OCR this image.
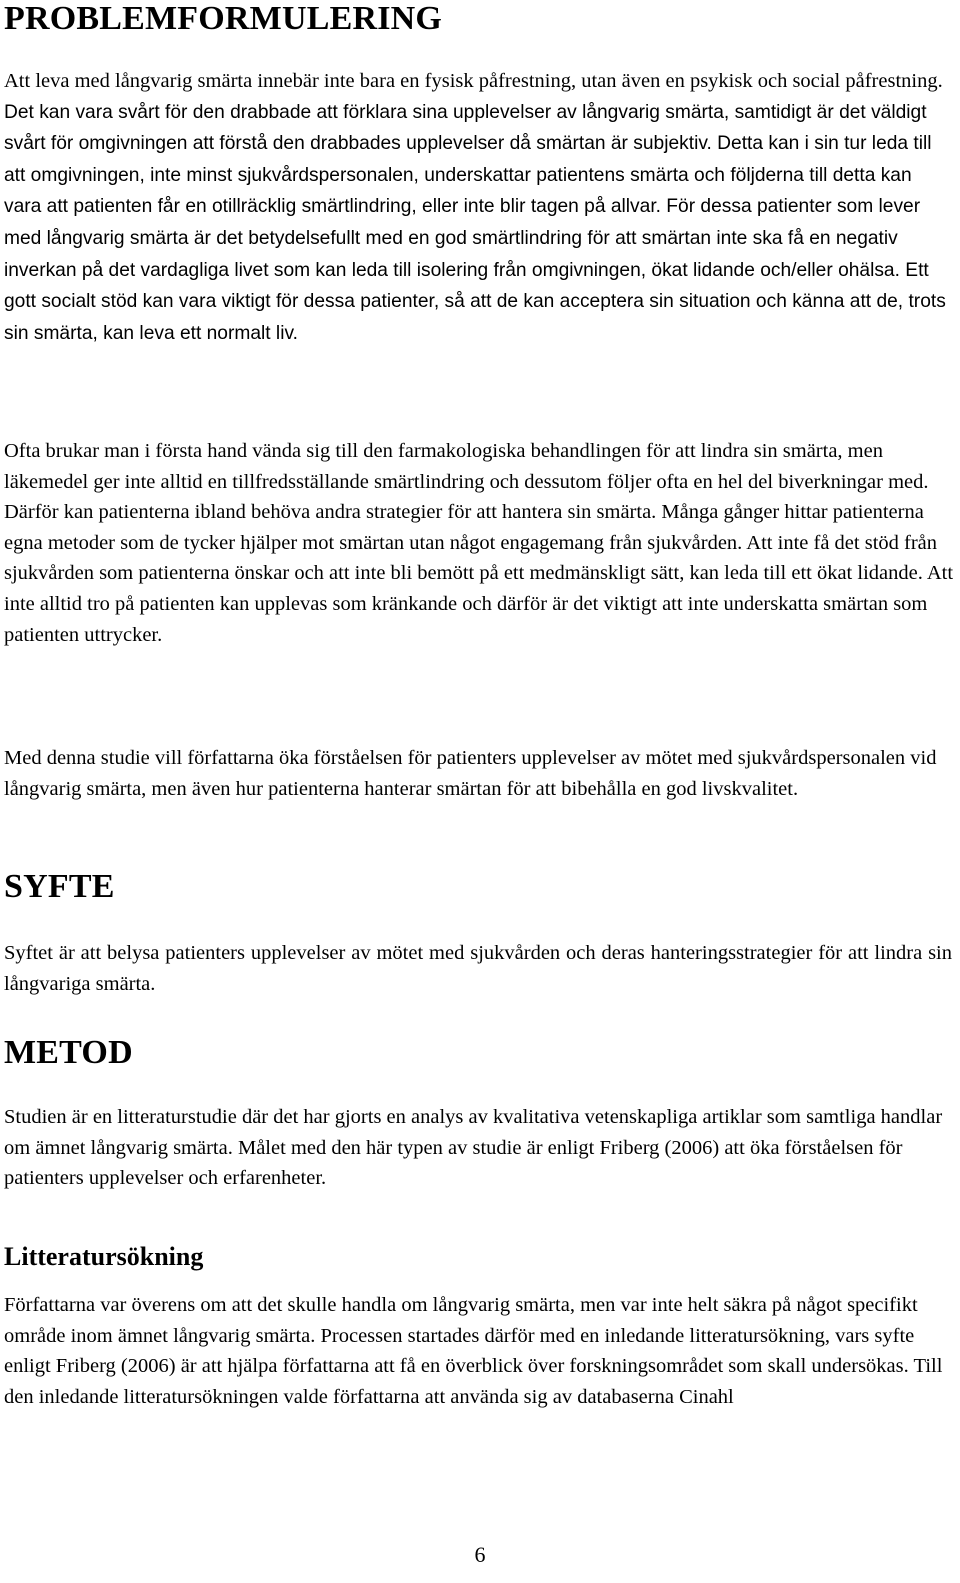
PROBLEMFORMULERING

Att leva med långvarig smärta innebär inte bara en fysisk påfrestning, utan även en psykisk och social påfrestning. Det kan vara svårt för den drabbade att förklara sina upplevelser av långvarig smärta, samtidigt är det väldigt svårt för omgivningen att förstå den drabbades upplevelser då smärtan är subjektiv. Detta kan i sin tur leda till att omgivningen, inte minst sjukvårdspersonalen, underskattar patientens smärta och följderna till detta kan vara att patienten får en otillräcklig smärtlindring, eller inte blir tagen på allvar. För dessa patienter som lever med långvarig smärta är det betydelsefullt med en god smärtlindring för att smärtan inte ska få en negativ inverkan på det vardagliga livet som kan leda till isolering från omgivningen, ökat lidande och/eller ohälsa. Ett gott socialt stöd kan vara viktigt för dessa patienter, så att de kan acceptera sin situation och känna att de, trots sin smärta, kan leva ett normalt liv.

Ofta brukar man i första hand vända sig till den farmakologiska behandlingen för att lindra sin smärta, men läkemedel ger inte alltid en tillfredsställande smärtlindring och dessutom följer ofta en hel del biverkningar med. Därför kan patienterna ibland behöva andra strategier för att hantera sin smärta. Många gånger hittar patienterna egna metoder som de tycker hjälper mot smärtan utan något engagemang från sjukvården. Att inte få det stöd från sjukvården som patienterna önskar och att inte bli bemött på ett medmänskligt sätt, kan leda till ett ökat lidande. Att inte alltid tro på patienten kan upplevas som kränkande och därför är det viktigt att inte underskatta smärtan som patienten uttrycker.

Med denna studie vill författarna öka förståelsen för patienters upplevelser av mötet med sjukvårdspersonalen vid långvarig smärta, men även hur patienterna hanterar smärtan för att bibehålla en god livskvalitet.

SYFTE

Syftet är att belysa patienters upplevelser av mötet med sjukvården och deras hanteringsstrategier för att lindra sin långvariga smärta.

METOD

Studien är en litteraturstudie där det har gjorts en analys av kvalitativa vetenskapliga artiklar som samtliga handlar om ämnet långvarig smärta. Målet med den här typen av studie är enligt Friberg (2006) att öka förståelsen för patienters upplevelser och erfarenheter.

Litteratursökning

Författarna var överens om att det skulle handla om långvarig smärta, men var inte helt säkra på något specifikt område inom ämnet långvarig smärta. Processen startades därför med en inledande litteratursökning, vars syfte enligt Friberg (2006) är att hjälpa författarna att få en överblick över forskningsområdet som skall undersökas. Till den inledande litteratursökningen valde författarna att använda sig av databaserna Cinahl

6
